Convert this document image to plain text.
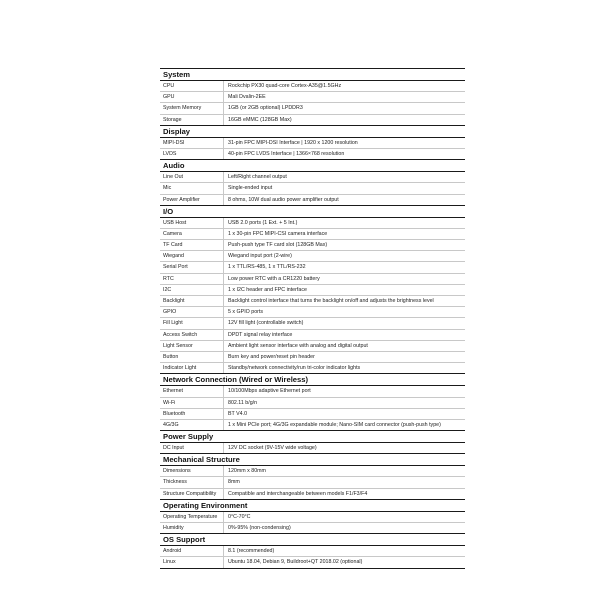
System
CPU	Rockchip PX30 quad-core Cortex-A35@1.5GHz
GPU	Mali Dvalin-2EE
System Memory	1GB (or 2GB optional) LPDDR3
Storage	16GB eMMC (128GB Max)
Display
MIPI-DSI	31-pin FPC MIPI-DSI Interface | 1920 x 1200 resolution
LVDS	40-pin FPC LVDS Interface | 1366×768 resolution
Audio
Line Out	Left/Right channel output
Mic	Single-ended input
Power Amplifier	8 ohms, 10W dual audio power amplifier output
I/O
USB Host	USB 2.0 ports (1 Ext. + 5 Int.)
Camera	1 x 30-pin FPC MIPI-CSI camera interface
TF Card	Push-push type TF card slot (128GB Max)
Wiegand	Wiegand input port (2-wire)
Serial Port	1 x TTL/RS-485, 1 x TTL/RS-232
RTC	Low power RTC with a CR1220 battery
I2C	1 x I2C header and FPC interface
Backlight	Backlight control interface that turns the backlight on/off and adjusts the brightness level
GPIO	5 x GPIO ports
Fill Light	12V fill light (controllable switch)
Access Switch	DPDT signal relay interface
Light Sensor	Ambient light sensor interface with analog and digital output
Button	Burn key and power/reset pin header
Indicator Light	Standby/network connectivity/run tri-color indicator lights
Network Connection (Wired or Wireless)
Ethernet	10/100Mbps adaptive Ethernet port
Wi-Fi	802.11 b/g/n
Bluetooth	BT V4.0
4G/3G	1 x Mini PCIe port; 4G/3G expandable module; Nano-SIM card connector (push-push type)
Power Supply
DC Input	12V DC socket (9V-15V wide voltage)
Mechanical Structure
Dimensions	120mm x 80mm
Thickness	8mm
Structure Compatibility	Compatible and interchangeable between models F1/F3/F4
Operating Environment
Operating Temperature	0°C-70°C
Humidity	0%-95% (non-condensing)
OS Support
Android	8.1 (recommended)
Linux	Ubuntu 18.04, Debian 9, Buildroot+QT 2018.02 (optional)
